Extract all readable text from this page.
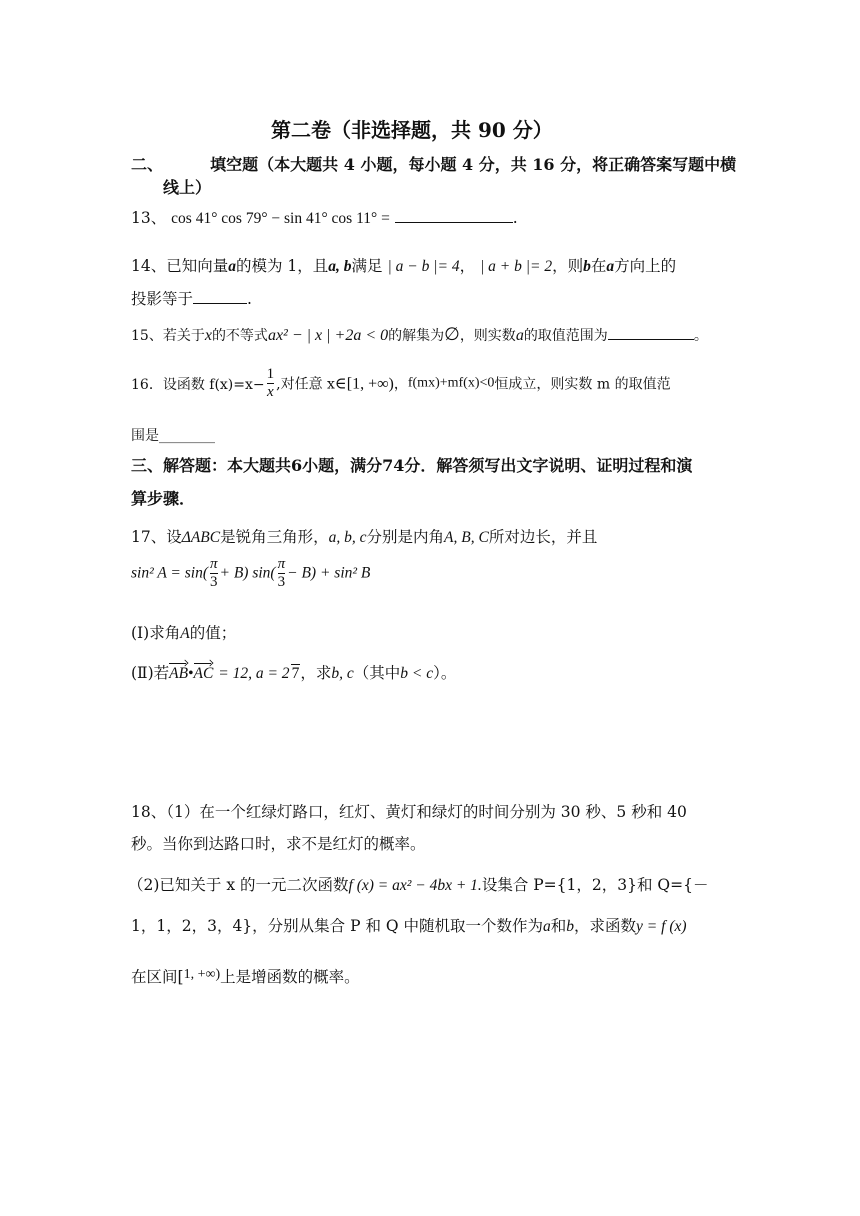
第二卷（非选择题，共 90 分）
二、	填空题（本大题共 4 小题，每小题 4 分，共 16 分，将正确答案写题中横
线上）
13、 cos 41° cos 79° − sin 41° cos 11° =	.
14、已知向量a的模为 1，且a, b满足 | a − b |= 4， | a + b |= 2，则b在a方向上的
投影等于	.
15、若关于x的不等式ax² − | x | +2a < 0的解集为∅，则实数a的取值范围为	。
16．设函数 $f(x)=x- \frac{1}{x}$ ,对任意 x∈[1, +∞)，f(mx)+mf(x)<0恒成立，则实数 m 的取值范
围是________
三、解答题：本大题共6小题，满分74分．解答须写出文字说明、证明过程和演
算步骤．
17、设ΔABC是锐角三角形，a, b, c分别是内角A, B, C所对边长，并且
sin² $A = \sin( \frac{\pi}{3} + B)$ $\sin( \frac{\pi}{3} - B) + \sin^2$ B
(Ⅰ)求角A的值；
(Ⅱ)若AB•AC = 12, a = 2 7，求b, c（其中b < c）。
18、（1）在一个红绿灯路口，红灯、黄灯和绿灯的时间分别为 30 秒、5 秒和 40
秒。当你到达路口时，求不是红灯的概率。
（2)已知关于 x 的一元二次函数f (x) = ax² − 4bx + 1.设集合 P={1，2，3}和 Q={－
1，1，2，3，4}，分别从集合 P 和 Q 中随机取一个数作为a和b，求函数y = f (x)
在区间[1, +∞)上是增函数的概率。
